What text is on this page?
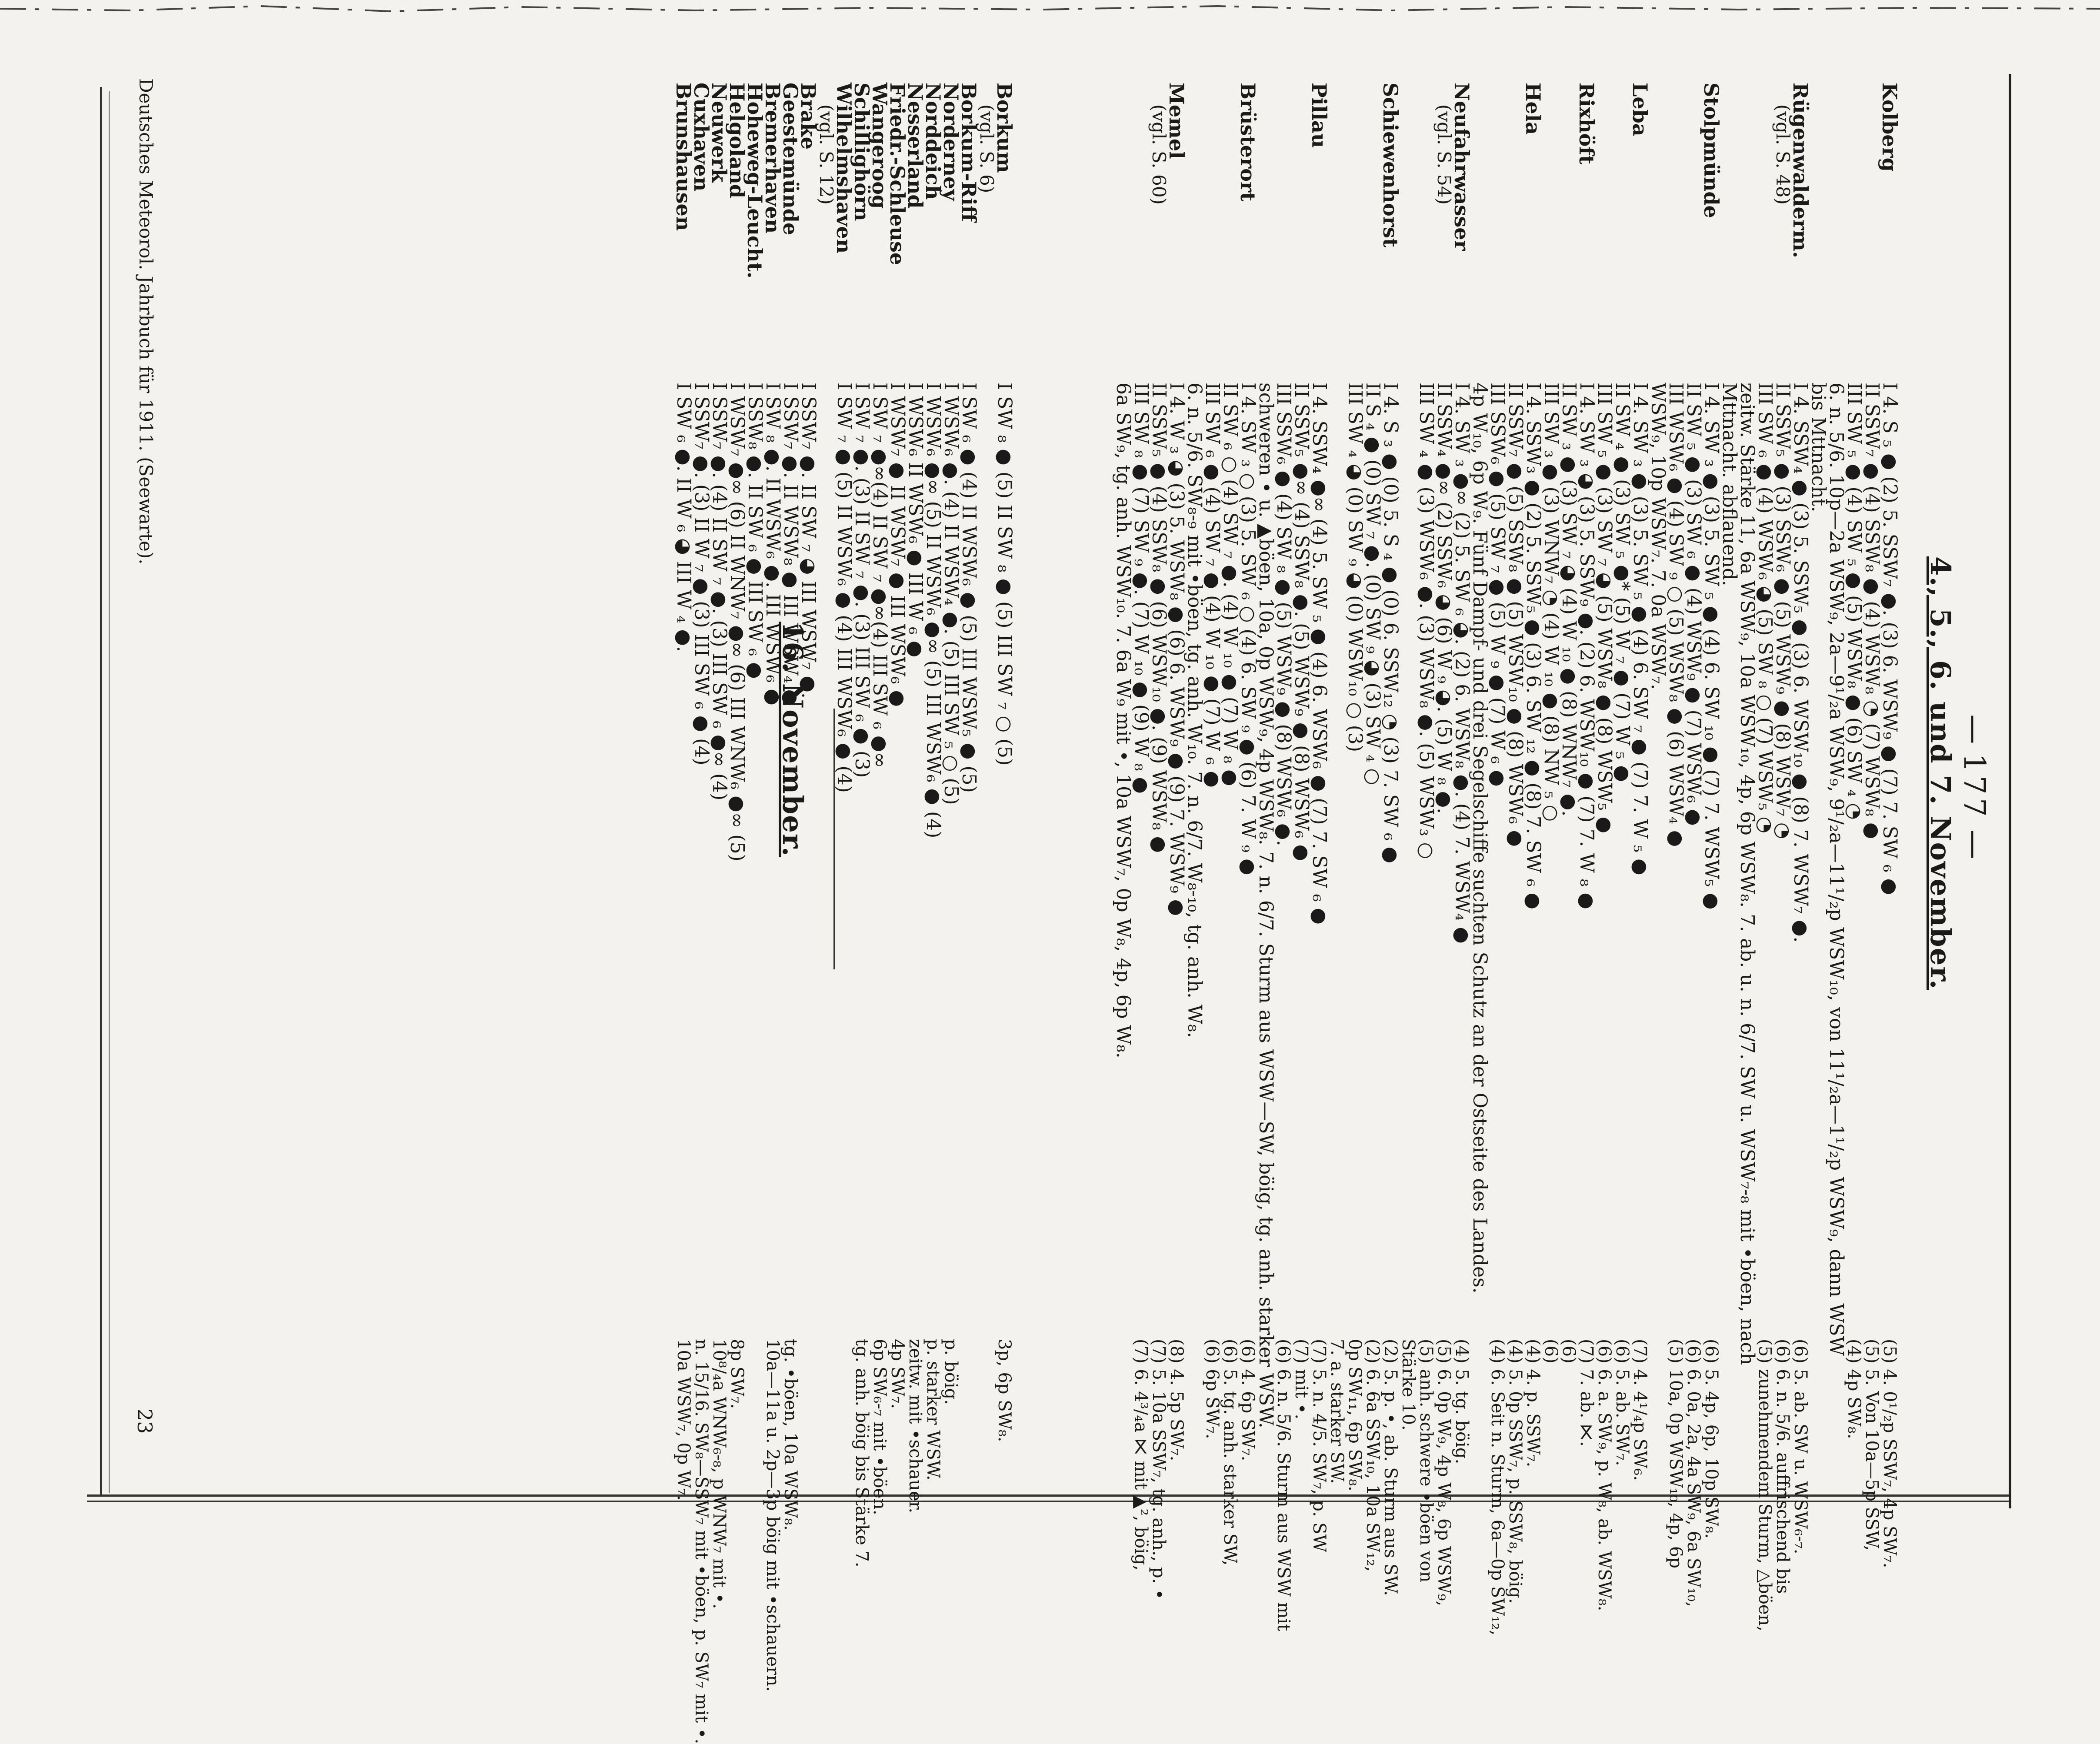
— 177 —
4., 5., 6. und 7. November.
16. November.
Kolberg
I 4. S ₅ ● (2) 5. SSW₇ ●. (3) 6. WSW₉ ● (7) 7. SW ₆ ●
(5) 4. 0¹/₂p SSW₇, 4p SW₇.
II SSW₇ ● (4) SSW₈ ● (4) WSW₈ ◔ (7) WSW₈ ●
(5) 5. Von 10a—5p SSW,
III SW ₅ ● (4) SW ₅ ● (5) WSW₈ ● (6) SW ₄ ◔
(4) 4p SW₈.
6. n. 5/6. 10p—2a WSW₉, 2a—9¹/₂a WSW₉, 9¹/₂a—11¹/₂p WSW₁₀, von 11¹/₂a—1¹/₂p WSW₉, dann WSW
bis Mttnacht.
Rügenwalderm.
I 4. SSW₄ ● (3) 5. SSW₅ ● (3) 6. WSW₁₀ ● (8) 7. WSW₇ ●.
(6) 5. ab. SW u. WSW₆-₇.
(vgl. S. 48)
II SSW₅ ● (3) SSW₆ ● (5) WSW₉ ● (8) WSW₇ ◔
(6) 6. n. 5/6. auffrischend bis
III SW ₆ ● (4) WSW₆ ◕ (5) SW ₈ ○ (7) WSW₅ ◔
(5) zunehmendem Sturm, △böen,
zeitw. Stärke 11, 6a WSW₉, 10a WSW₁₀, 4p, 6p WSW₈. 7. ab. u. n. 6/7. SW u. WSW₇-₈ mit •böen, nach
Mttnacht. abflauend.
Stolpmünde
I 4. SW ₃ ● (3) 5. SW ₅ ● (4) 6. SW ₁₀ ● (7) 7. WSW₅ ●
(6) 5. 4p, 6p, 10p SW₈.
II SW ₅ ● (3) SW ₆ ● (4) WSW₉ ● (7) WSW₆ ●
(6) 6. 0a, 2a, 4a SW₉, 6a SW₁₀,
III WSW₆ ● (4) SW ₉ ○ (5) WSW₈ ● (6) WSW₄ ●
(5) 10a, 0p WSW₁₀, 4p, 6p
WSW₉, 10p WSW₇. 7. 0a WSW₇.
Leba
I 4. SW ₃ ● (3) 5. SW ₅ ● (4) 6. SW ₇ ● (7) 7. W ₅ ●
(7) 4. 4¹/₄p SW₆.
II SW ₄ ● (3) SW ₅ ●* (5) W ₇ ● (7) W ₅ ●
(6) 5. ab. SW₇.
III SW ₅ ● (3) SW ₇ ◕ (5) WSW₈ ● (8) WSW₅ ●
(6) 6. a. SW₉, p. W₈, ab. WSW₈.
Rixhöft
I 4. SW ₃ ◕ (3) 5. SSW₉ ●. (2) 6. WSW₁₀ ● (7) 7. W ₈ ●
(7) 7. ab. ⋉.
II SW ₃ ● (3) SW ₇ ◕ (4) W ₁₀ ● (8) WNW₇ ●.
(6)
III SW ₃ ● (3) WNW₇ ◔ (4) W ₁₀ ● (8) NW ₅ ○
(6)
Hela
I 4. SSW₃ ● (2) 5. SSW₅ ● (3) 6. SW ₁₂ ● (8) 7. SW ₆ ●
(4) 4. p. SSW₇.
II SSW₇ ● (5) SSW₈ ● (5) WSW₁₀ ● (8) WSW₆ ●
(4) 5. 0p SSW₇, p. SSW₈, böig.
III SSW₆ ● (5) SW ₇ ● (5) W ₉ ● (7) W ₆ ●
(4) 6. Seit n. Sturm, 6a—0p SW₁₂,
4p W₁₀, 6p W₉. Fünf Dampf- und drei Segelschiffe suchten Schutz an der Ostseite des Landes.
Neufahrwasser
I 4. SW ₃ ●∞ (2) 5. SW ₆ ◕. (2) 6. WSW₈ ●. (4) 7. WSW₄ ●
(4) 5. tg. böig.
(vgl. S. 54)
II SSW₄ ●∞ (2) SSW₆ ◕ (6) W ₉ ◕. (5) W ₈ ●.
(5) 6. 0p W₉, 4p W₈, 6p WSW₉,
III SW ₄ ● (3) WSW₆ ●. (3) WSW₈ ●. (5) WSW₃ ○
(5) anh. schwere •böen von
Stärke 10.
Schiewenhorst
I 4. S ₃ ● (0) 5. S ₄ ● (0) 6. SSW₁₂ ◔ (3) 7. SW ₆ ●
(2) 5. p. •, ab. Sturm aus SW.
II S ₄ ● (0) SW ₇ ●. (0) SW ₉ ◕ (3) SW ₄ ○
(2) 6. 6a SSW₁₀, 10a SW₁₂,
III SW ₄ ◕ (0) SW ₉ ◕ (0) WSW₁₀ ○ (3)
0p SW₁₁, 6p SW₈.
7. a. starker SW.
Pillau
I 4. SSW₄ ●∞ (4) 5. SW ₅ ● (4) 6. WSW₆ ● (7) 7. SW ₆ ●
(7) 5. n. 4/5. SW₇, p. SW
II SSW₅ ●∞ (4) SSW₈ ●. (5) WSW₉ ● (8) WSW₆ ●
(7) mit •.
III SSW₆ ● (4) SW ₈ ● (5) WSW₉ ● (8) WSW₆ ●.
(6) 6. n. 5/6. Sturm aus WSW mit
schweren • u. ▲böen, 10a, 0p WSW₉, 4p WSW₈. 7. n. 6/7. Sturm aus WSW—SW, böig, tg. anh. starker WSW.
Brüsterort
I 4. SW ₃ ○ (3) 5. SW ₆ ○ (4) 6. SW ₉ ● (6) 7. W ₉ ●
(6) 4. 6p SW₇.
II SW ₆ ○ (4) SW ₇ ●. (4) W ₁₀ ● (7) W ₈ ●
(6) 5. tg. anh. starker SW,
III SW ₆ ● (4) SW ₇ ● (4) W ₁₀ ● (7) W ₆ ●
(6) 6p SW₇.
6. n. 5/6. SW₈-₉ mit •böen, tg. anh. W₁₀. 7. n. 6/7. W₈-₁₀, tg. anh. W₈.
Memel
I 4. W ₃ ◕ (3) 5. WSW₈ ● (6) 6. WSW₉ ● (9) 7. WSW₉ ●
(8) 4. 5p SW₇.
(vgl. S. 60)
II SSW₅ ● (4) SSW₈ ● (6) WSW₁₀ ●. (9) WSW₈ ●
(7) 5. 10a SSW₇, tg. anh., p. •
III SW ₈ ● (7) SW ₉ ●. (7) W ₁₀ ● (9) W ₈ ●
(7) 6. 4³/₄a ⋉ mit ▲², böig,
6a SW₉, tg. anh. WSW₁₀. 7. 6a W₉ mit •, 10a WSW₇, 0p W₈, 4p, 6p W₈.
Borkum
I SW ₈ ● (5) II SW ₈ ● (5) III SW ₇ ○ (5)
3p, 6p SW₈.
(vgl. S. 6)
Borkum-Riff
I SW ₆ ● (4) II WSW₆ ● (5) III WSW₅ ● (5)
Norderney
I WSW₆ ●. (4) II WSW₄ ●. (5) III SW ₅ ○ (5)
p. böig.
Norddeich
I WSW₆ ●∞ (5) II WSW₆ ●∞ (5) III WSW₆ ● (4)
p. starker WSW.
Nesserland
I WSW₆ II WSW₆ ● III W ₆ ●
zeitw. mit •schauer.
Friedr.-Schleuse
I WSW₇ ● II WSW₇ ● III WSW₆ ●
4p SW₇.
Wangeroog
I SW ₇ ●∞(4) II SW ₇ ●∞(4) III SW ₆ ●∞
6p SW₆-₇ mit •böen.
Schillighörn
I SW ₇ ●. (3) II SW ₇ ●. (3) III SW ₆ ● (3)
tg. anh. böig bis Stärke 7.
Wilhelmshaven
I SW ₇ ● (5) II WSW₆ ● (4) III WSW₆ ● (4)
(vgl. S. 12)
Brake
I SSW₇ ●. II SW ₇ ◕ III WSW₇ ●.
Geestemünde
I SSW₇ ●. II WSW₈ ● III WSW₄ ●
tg. •böen, 10a WSW₈.
Bremerhaven
I SW ₈ ●. II WSW₆ ●. III WSW₆ ●
10a—11a u. 2p—3p böig mit •schauern.
Hoheweg-Leucht.
I SSW₈ ●. II SW ₆ ● III SW ₆ ●
Helgoland
I WSW₇ ●∞ (6) II WNW₇ ●∞ (6) III WNW₆ ●∞ (5)
8p SW₇.
Neuwerk
I SSW₇ ●. (4) II SW ₇ ●. (3) III SW ₆ ●∞ (4)
10⁸/₄a WNW₆-₈, p WNW₇ mit •.
Cuxhaven
I SSW₇ ●. (3) II W ₇ ● (3) III SW ₆ ● (4)
n. 15/16. SW₈—SSW₇ mit •böen, p. SW₇ mit •.
Brunshausen
I SW ₆ ●. II W ₆ ◕ III W ₄ ●.
10a WSW₇, 0p W₇.
Deutsches Meteorol. Jahrbuch für 1911. (Seewarte).
23
